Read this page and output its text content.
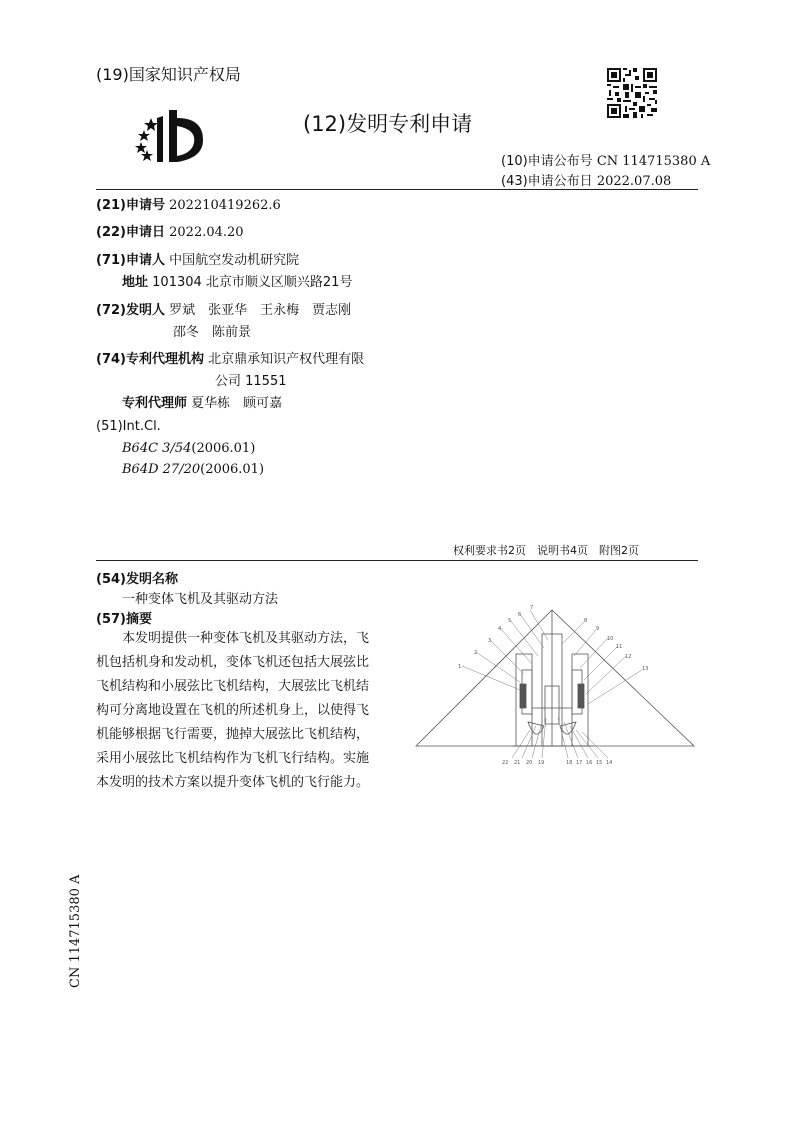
(19)国家知识产权局
(12)发明专利申请
(10)申请公布号 CN 114715380 A
(43)申请公布日 2022.07.08
(21)申请号 202210419262.6
(22)申请日 2022.04.20
(71)申请人 中国航空发动机研究院
地址 101304 北京市顺义区顺兴路21号
(72)发明人 罗斌　张亚华　王永梅　贾志刚
邵冬　陈前景
(74)专利代理机构 北京鼎承知识产权代理有限
公司 11551
专利代理师 夏华栋　顾可嘉
(51)Int.Cl.
B64C 3/54(2006.01)
B64D 27/20(2006.01)
权利要求书2页　说明书4页　附图2页
(54)发明名称
一种变体飞机及其驱动方法
(57)摘要

　　本发明提供一种变体飞机及其驱动方法，飞

机包括机身和发动机，变体飞机还包括大展弦比

飞机结构和小展弦比飞机结构，大展弦比飞机结

构可分离地设置在飞机的所述机身上，以使得飞

机能够根据飞行需要，抛掉大展弦比飞机结构，

采用小展弦比飞机结构作为飞机飞行结构。实施

本发明的技术方案以提升变体飞机的飞行能力。

7
6
5
4
3
2
1
8
9
10
11
12
13
22 21 20 19	18 17 16 15 14
CN 114715380 A
